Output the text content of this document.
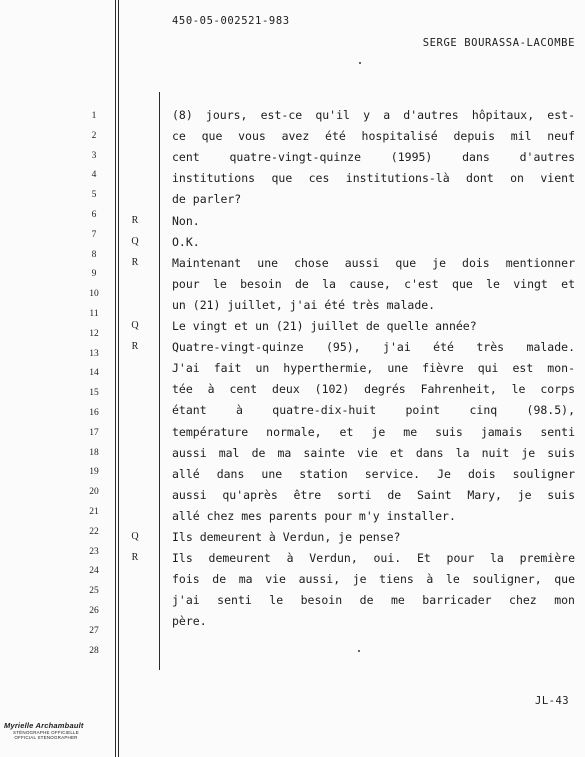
450-05-002521-983
SERGE BOURASSA-LACOMBE
1
2
3
4
5
6
7
8
9
10
11
12
13
14
15
16
17
18
19
20
21
22
23
24
25
26
27
28
R
Q
R
Q
R
Q
R
(8) jours, est-ce qu'il y a d'autres hôpitaux, est-
ce que vous avez été hospitalisé depuis mil neuf
cent quatre-vingt-quinze (1995) dans d'autres
institutions que ces institutions-là dont on vient
de parler?
Non.
O.K.
Maintenant une chose aussi que je dois mentionner
pour le besoin de la cause, c'est que le vingt et
un (21) juillet, j'ai été très malade.
Le vingt et un (21) juillet de quelle année?
Quatre-vingt-quinze (95), j'ai été très malade.
J'ai fait un hyperthermie, une fièvre qui est mon-
tée à cent deux (102) degrés Fahrenheit, le corps
étant à quatre-dix-huit point cinq (98.5),
température normale, et je me suis jamais senti
aussi mal de ma sainte vie et dans la nuit je suis
allé dans une station service. Je dois souligner
aussi qu'après être sorti de Saint Mary, je suis
allé chez mes parents pour m'y installer.
Ils demeurent à Verdun, je pense?
Ils demeurent à Verdun, oui. Et pour la première
fois de ma vie aussi, je tiens à le souligner, que
j'ai senti le besoin de me barricader chez mon
père.
JL-43
Myrielle Archambault
STÉNOGRAPHE OFFICIELLE
OFFICIAL STENOGRAPHER
